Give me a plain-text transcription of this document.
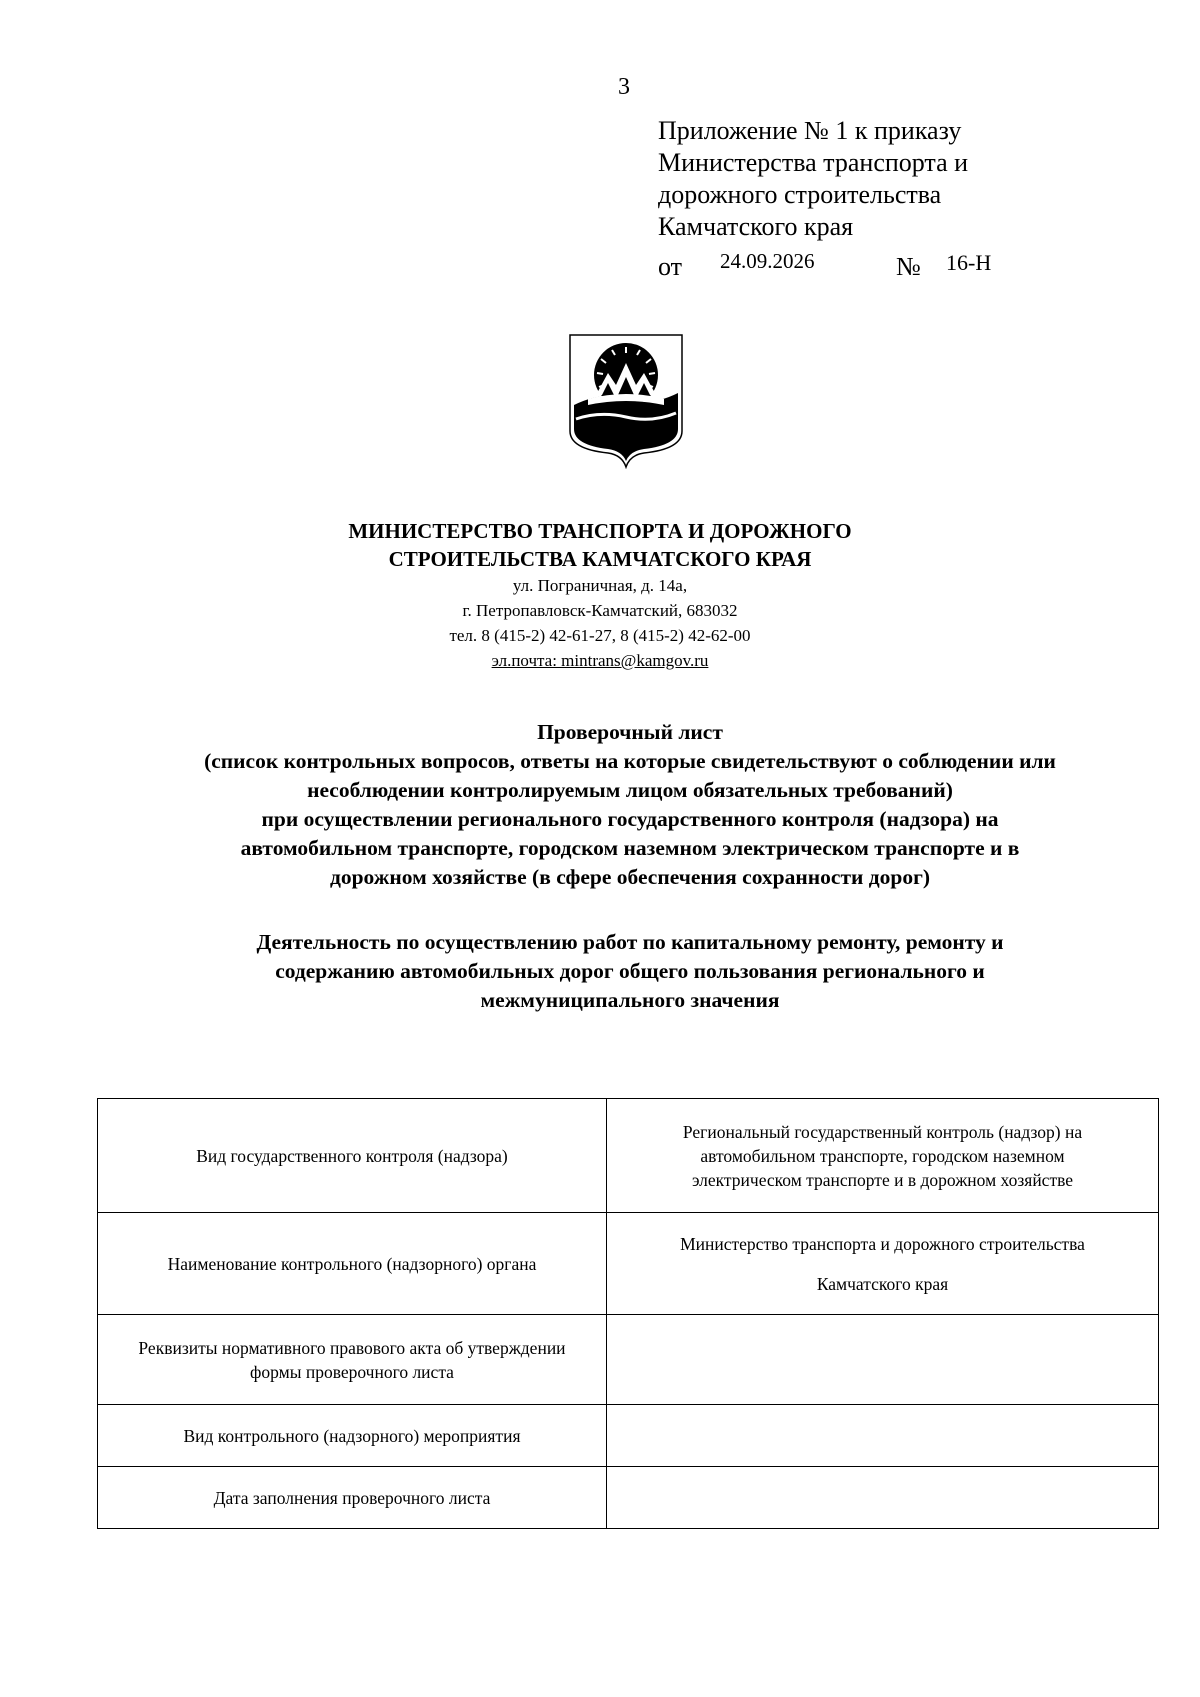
3
Приложение № 1 к приказу
Министерства транспорта и
дорожного строительства
Камчатского края
от 24.09.2026	№ 16-Н
МИНИСТЕРСТВО ТРАНСПОРТА И ДОРОЖНОГО
СТРОИТЕЛЬСТВА КАМЧАТСКОГО КРАЯ
ул. Пограничная, д. 14а,
г. Петропавловск-Камчатский, 683032
тел. 8 (415-2) 42-61-27, 8 (415-2) 42-62-00
эл.почта: mintrans@kamgov.ru
Проверочный лист
(список контрольных вопросов, ответы на которые свидетельствуют о соблюдении или
несоблюдении контролируемым лицом обязательных требований)
при осуществлении регионального государственного контроля (надзора) на
автомобильном транспорте, городском наземном электрическом транспорте и в
дорожном хозяйстве (в сфере обеспечения сохранности дорог)
Деятельность по осуществлению работ по капитальному ремонту, ремонту и
содержанию автомобильных дорог общего пользования регионального и
межмуниципального значения
Вид государственного контроля (надзора)	Региональный государственный контроль (надзор) на
автомобильном транспорте, городском наземном
электрическом транспорте и в дорожном хозяйстве

Наименование контрольного (надзорного) органа	Министерство транспорта и дорожного строительства
Камчатского края

Реквизиты нормативного правового акта об утверждении
формы проверочного листа	

Вид контрольного (надзорного) мероприятия	
Дата заполнения проверочного листа	
